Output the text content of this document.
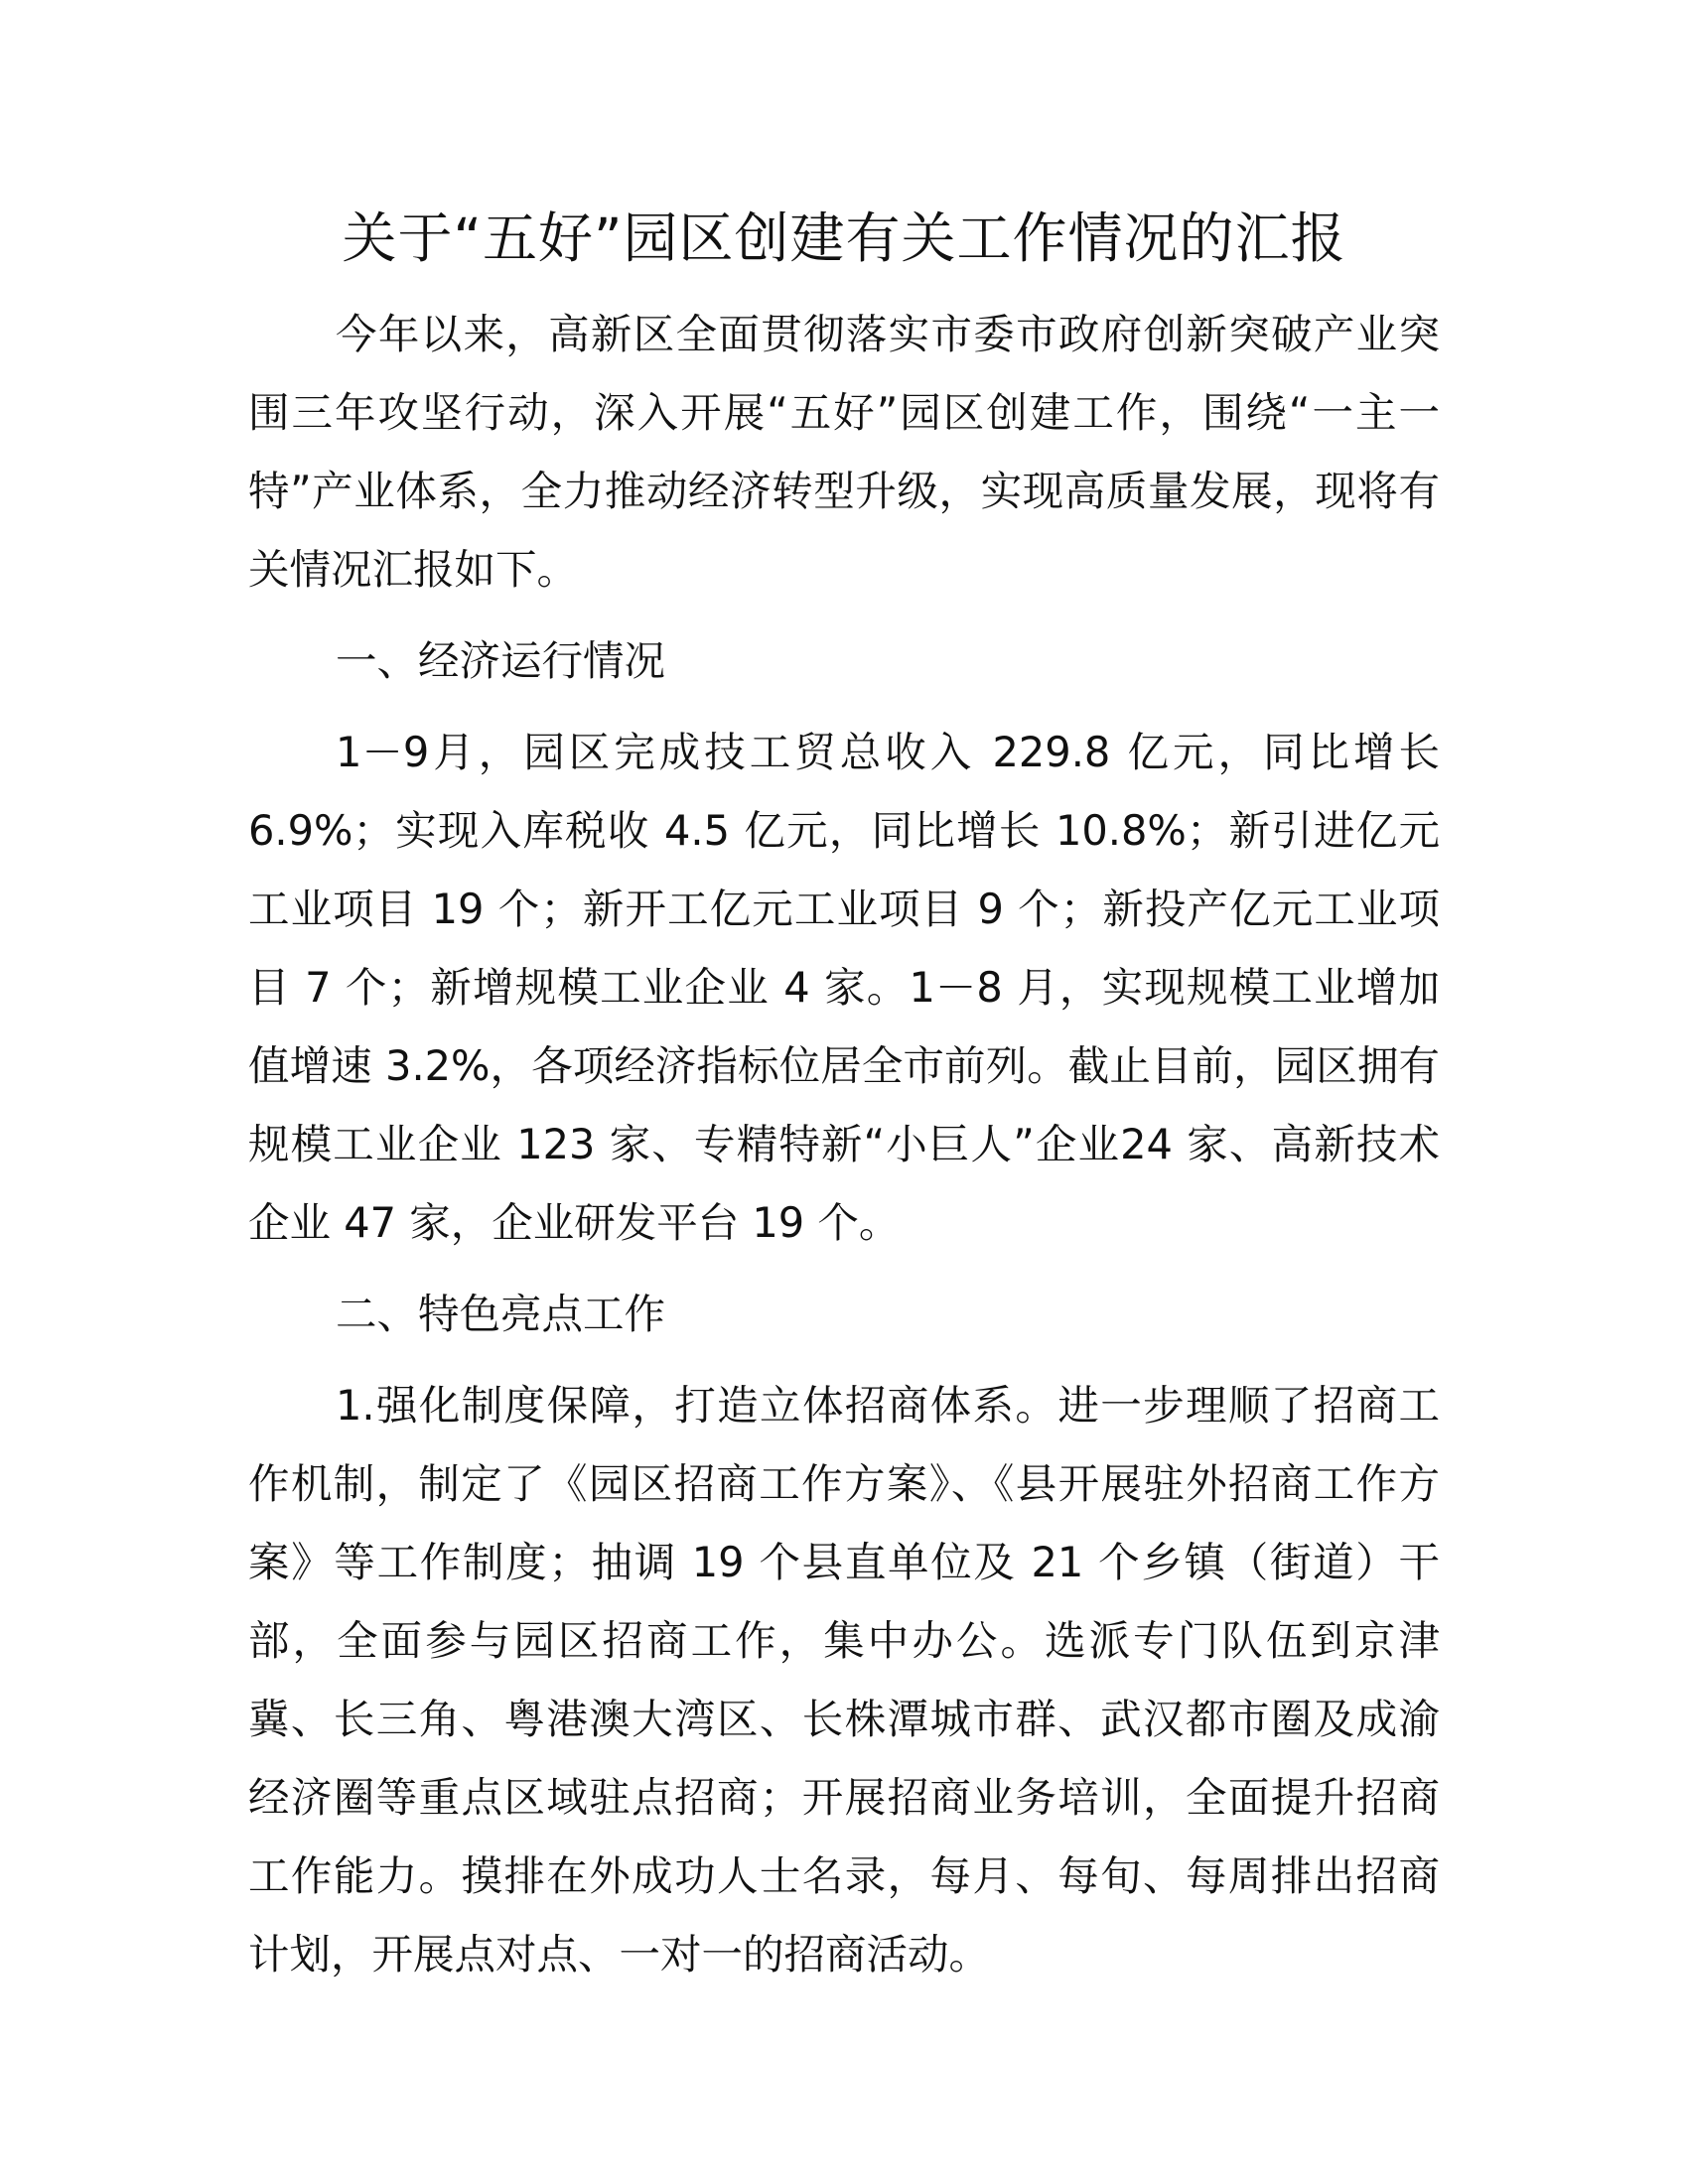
关于“五好”园区创建有关工作情况的汇报

今年以来，高新区全面贯彻落实市委市政府创新突破产业突围三年攻坚行动，深入开展“五好”园区创建工作，围绕“一主一特”产业体系，全力推动经济转型升级，实现高质量发展，现将有关情况汇报如下。

一、经济运行情况

1－9月，园区完成技工贸总收入 229.8 亿元，同比增长6.9%；实现入库税收 4.5 亿元，同比增长 10.8%；新引进亿元工业项目 19 个；新开工亿元工业项目 9 个；新投产亿元工业项目 7 个；新增规模工业企业 4 家。1－8 月，实现规模工业增加值增速 3.2%，各项经济指标位居全市前列。截止目前，园区拥有规模工业企业 123 家、专精特新“小巨人”企业24 家、高新技术企业 47 家，企业研发平台 19 个。

二、特色亮点工作

1.强化制度保障，打造立体招商体系。进一步理顺了招商工作机制，制定了《园区招商工作方案》、《县开展驻外招商工作方案》等工作制度；抽调 19 个县直单位及 21 个乡镇（街道）干部，全面参与园区招商工作，集中办公。选派专门队伍到京津冀、长三角、粤港澳大湾区、长株潭城市群、武汉都市圈及成渝经济圈等重点区域驻点招商；开展招商业务培训，全面提升招商工作能力。摸排在外成功人士名录，每月、每旬、每周排出招商计划，开展点对点、一对一的招商活动。
